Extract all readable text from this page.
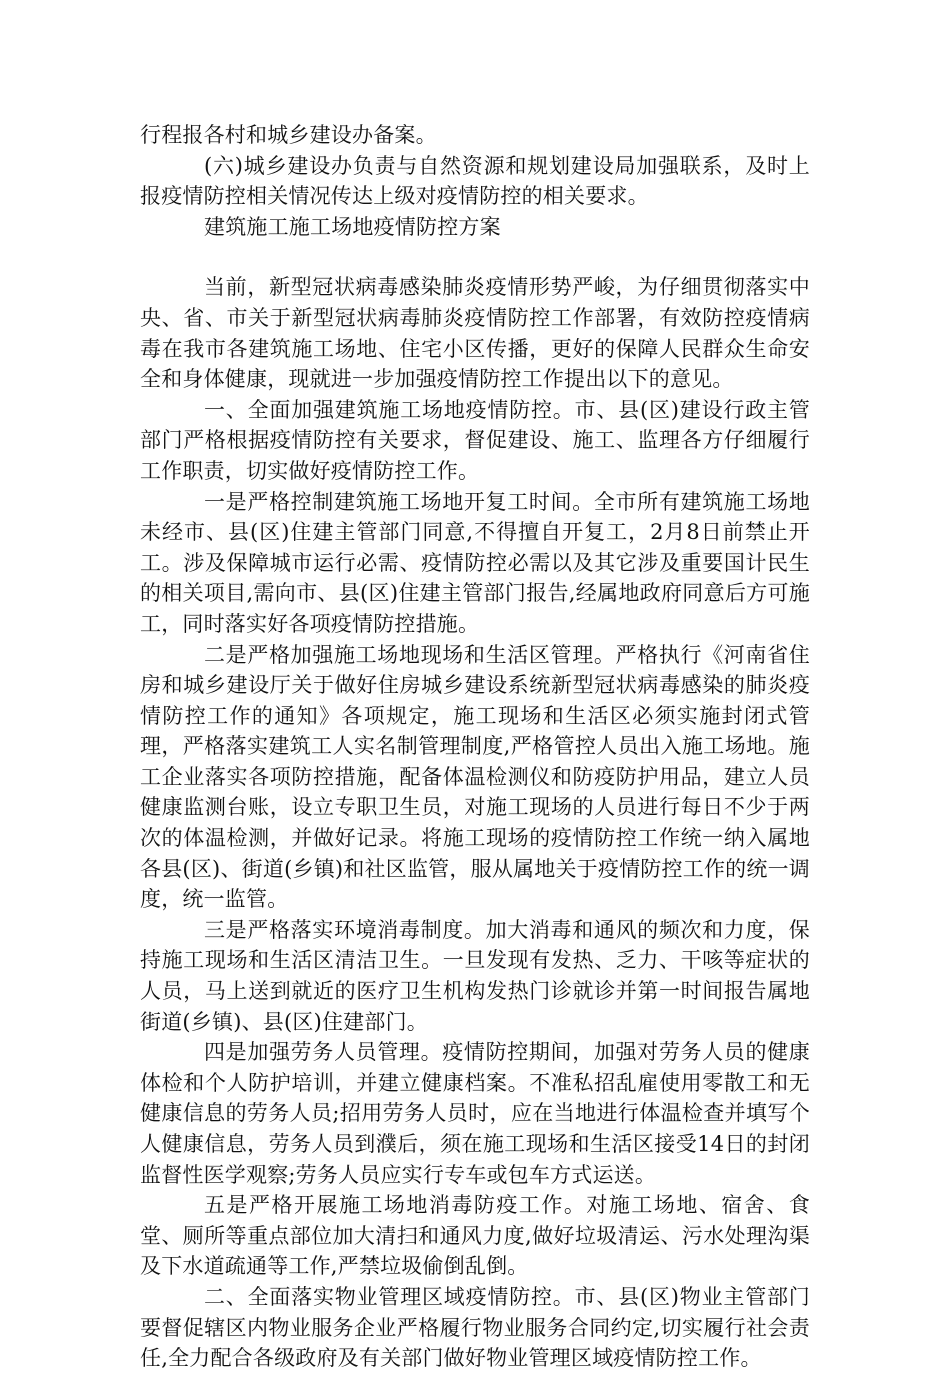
行程报各村和城乡建设办备案。

(六)城乡建设办负责与自然资源和规划建设局加强联系，及时上报疫情防控相关情况传达上级对疫情防控的相关要求。

建筑施工施工场地疫情防控方案

当前，新型冠状病毒感染肺炎疫情形势严峻，为仔细贯彻落实中央、省、市关于新型冠状病毒肺炎疫情防控工作部署，有效防控疫情病毒在我市各建筑施工场地、住宅小区传播，更好的保障人民群众生命安全和身体健康，现就进一步加强疫情防控工作提出以下的意见。

一、全面加强建筑施工场地疫情防控。市、县(区)建设行政主管部门严格根据疫情防控有关要求，督促建设、施工、监理各方仔细履行工作职责，切实做好疫情防控工作。

一是严格控制建筑施工场地开复工时间。全市所有建筑施工场地未经市、县(区)住建主管部门同意,不得擅自开复工，2月8日前禁止开工。涉及保障城市运行必需、疫情防控必需以及其它涉及重要国计民生的相关项目,需向市、县(区)住建主管部门报告,经属地政府同意后方可施工，同时落实好各项疫情防控措施。

二是严格加强施工场地现场和生活区管理。严格执行《河南省住房和城乡建设厅关于做好住房城乡建设系统新型冠状病毒感染的肺炎疫情防控工作的通知》各项规定，施工现场和生活区必须实施封闭式管理，严格落实建筑工人实名制管理制度,严格管控人员出入施工场地。施工企业落实各项防控措施，配备体温检测仪和防疫防护用品，建立人员健康监测台账，设立专职卫生员，对施工现场的人员进行每日不少于两次的体温检测，并做好记录。将施工现场的疫情防控工作统一纳入属地各县(区)、街道(乡镇)和社区监管，服从属地关于疫情防控工作的统一调度，统一监管。

三是严格落实环境消毒制度。加大消毒和通风的频次和力度，保持施工现场和生活区清洁卫生。一旦发现有发热、乏力、干咳等症状的人员，马上送到就近的医疗卫生机构发热门诊就诊并第一时间报告属地街道(乡镇)、县(区)住建部门。

四是加强劳务人员管理。疫情防控期间，加强对劳务人员的健康体检和个人防护培训，并建立健康档案。不准私招乱雇使用零散工和无健康信息的劳务人员;招用劳务人员时，应在当地进行体温检查并填写个人健康信息，劳务人员到濮后，须在施工现场和生活区接受14日的封闭监督性医学观察;劳务人员应实行专车或包车方式运送。

五是严格开展施工场地消毒防疫工作。对施工场地、宿舍、食堂、厕所等重点部位加大清扫和通风力度,做好垃圾清运、污水处理沟渠及下水道疏通等工作,严禁垃圾偷倒乱倒。

二、全面落实物业管理区域疫情防控。市、县(区)物业主管部门要督促辖区内物业服务企业严格履行物业服务合同约定,切实履行社会责任,全力配合各级政府及有关部门做好物业管理区域疫情防控工作。
